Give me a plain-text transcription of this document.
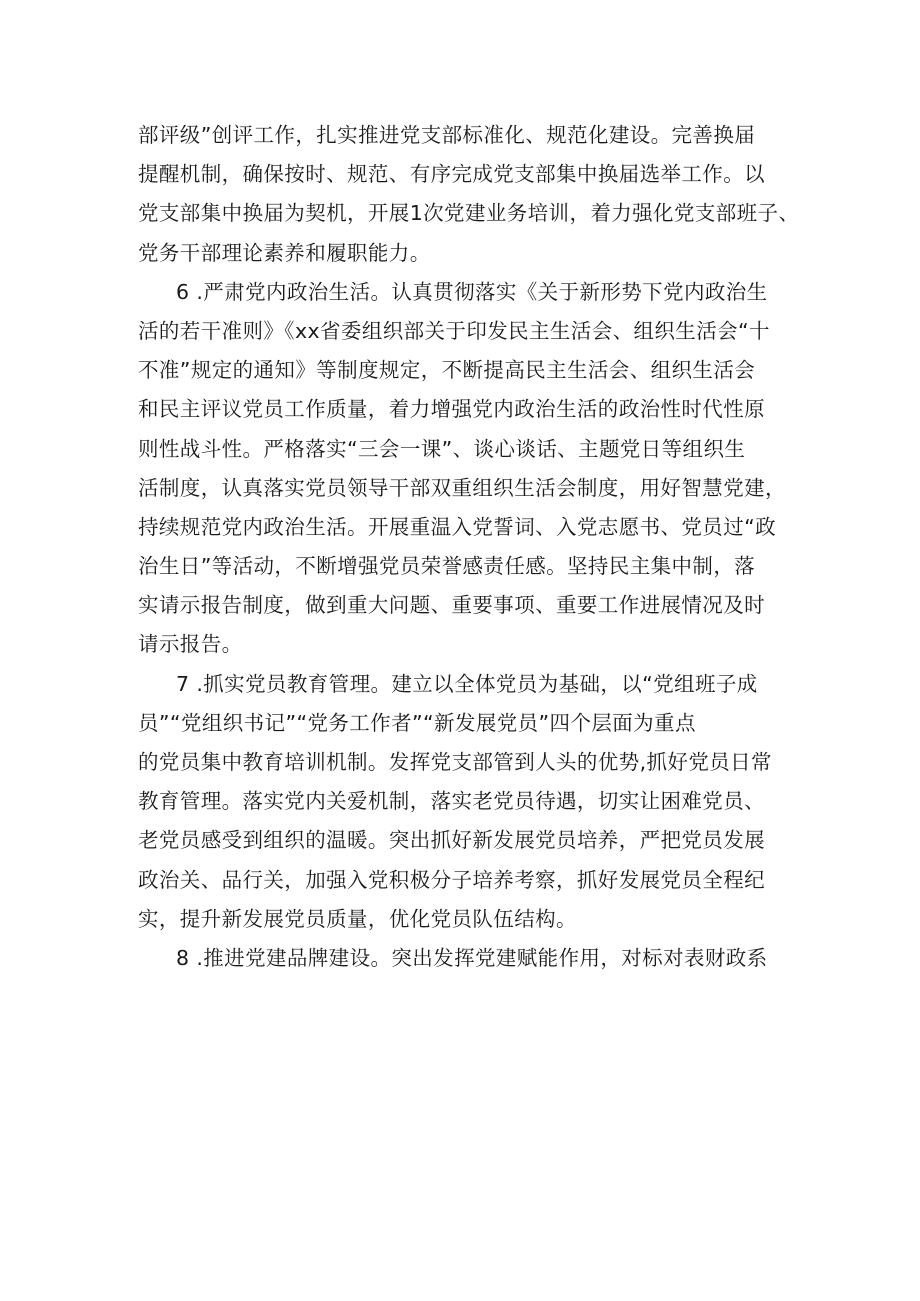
部评级”创评工作，扎实推进党支部标准化、规范化建设。完善换届
提醒机制，确保按时、规范、有序完成党支部集中换届选举工作。以
党支部集中换届为契机，开展1次党建业务培训，着力强化党支部班子、
党务干部理论素养和履职能力。
6 .严肃党内政治生活。认真贯彻落实《关于新形势下党内政治生
活的若干准则》《xx省委组织部关于印发民主生活会、组织生活会“十
不准”规定的通知》等制度规定，不断提高民主生活会、组织生活会
和民主评议党员工作质量，着力增强党内政治生活的政治性时代性原
则性战斗性。严格落实“三会一课”、谈心谈话、主题党日等组织生
活制度，认真落实党员领导干部双重组织生活会制度，用好智慧党建，
持续规范党内政治生活。开展重温入党誓词、入党志愿书、党员过“政
治生日”等活动，不断增强党员荣誉感责任感。坚持民主集中制，落
实请示报告制度，做到重大问题、重要事项、重要工作进展情况及时
请示报告。
7 .抓实党员教育管理。建立以全体党员为基础，以“党组班子成
员”“党组织书记”“党务工作者”“新发展党员”四个层面为重点
的党员集中教育培训机制。发挥党支部管到人头的优势,抓好党员日常
教育管理。落实党内关爱机制，落实老党员待遇，切实让困难党员、
老党员感受到组织的温暖。突出抓好新发展党员培养，严把党员发展
政治关、品行关，加强入党积极分子培养考察，抓好发展党员全程纪
实，提升新发展党员质量，优化党员队伍结构。
8 .推进党建品牌建设。突出发挥党建赋能作用，对标对表财政系
